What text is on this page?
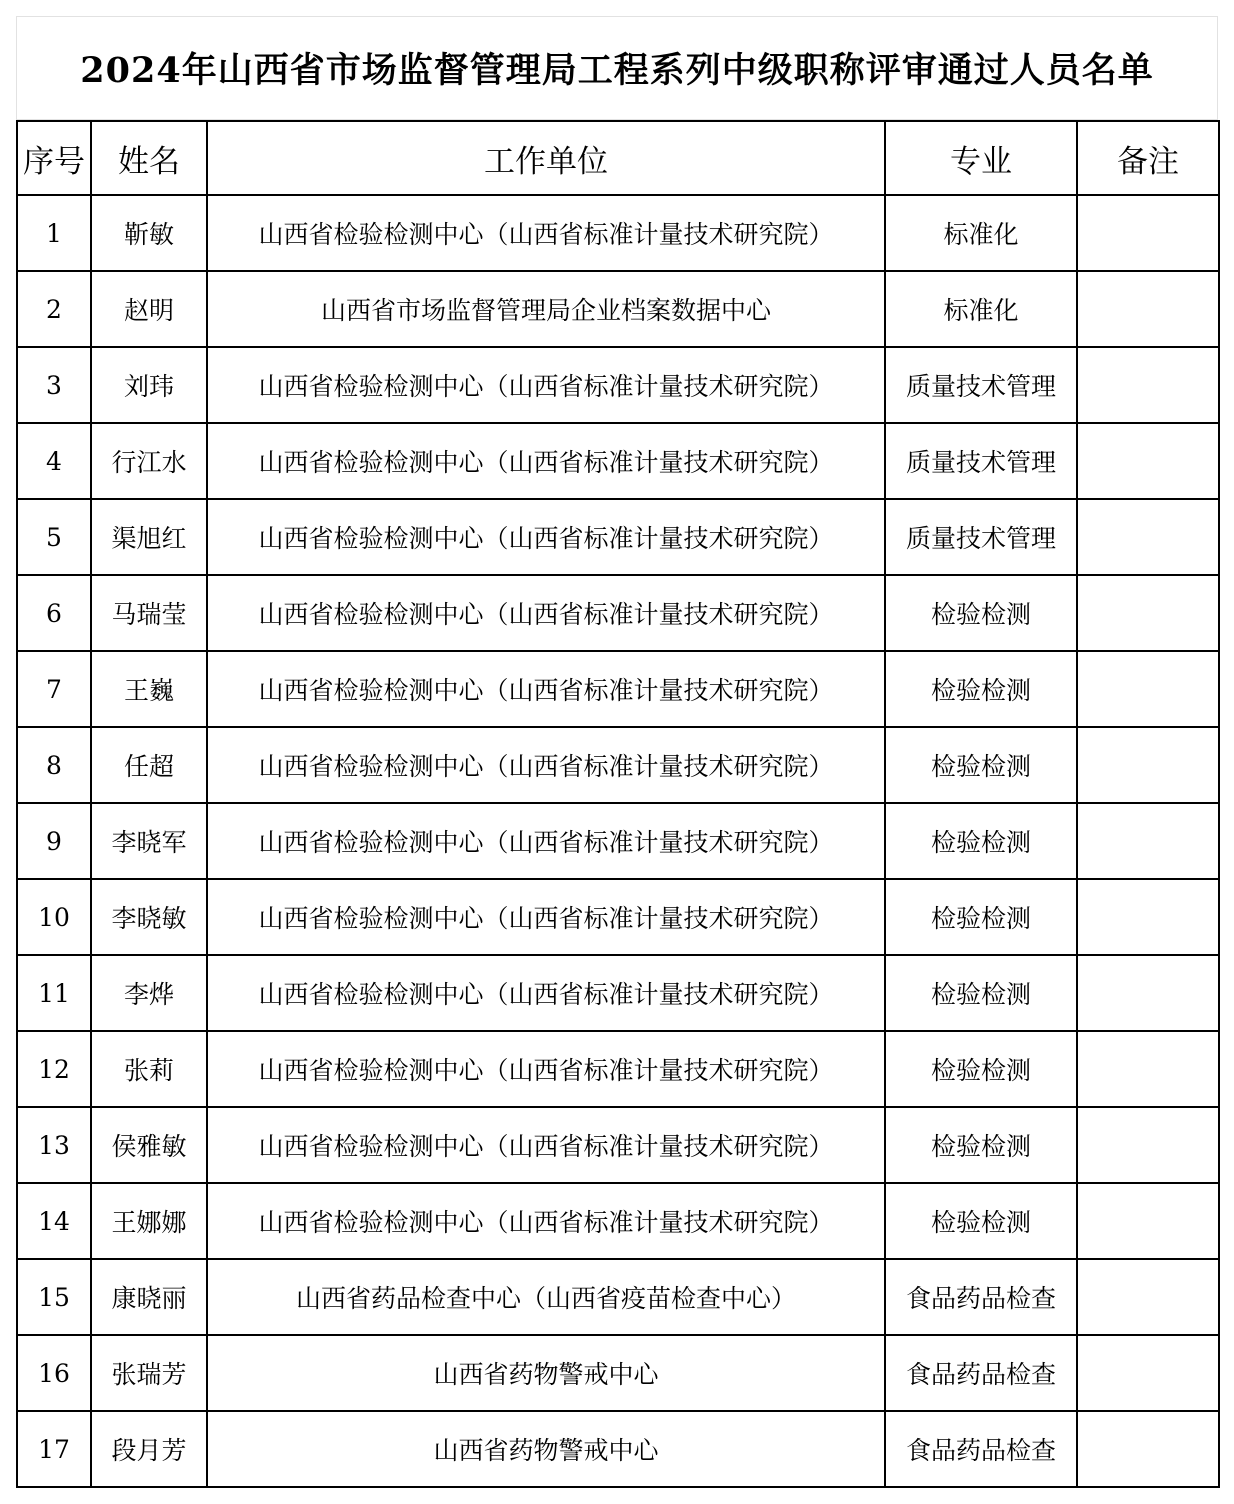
2024年山西省市场监督管理局工程系列中级职称评审通过人员名单
序号	姓名	工作单位	专业	备注
1	靳敏	山西省检验检测中心（山西省标准计量技术研究院）	标准化	
2	赵明	山西省市场监督管理局企业档案数据中心	标准化	
3	刘玮	山西省检验检测中心（山西省标准计量技术研究院）	质量技术管理	
4	行江水	山西省检验检测中心（山西省标准计量技术研究院）	质量技术管理	
5	渠旭红	山西省检验检测中心（山西省标准计量技术研究院）	质量技术管理	
6	马瑞莹	山西省检验检测中心（山西省标准计量技术研究院）	检验检测	
7	王巍	山西省检验检测中心（山西省标准计量技术研究院）	检验检测	
8	任超	山西省检验检测中心（山西省标准计量技术研究院）	检验检测	
9	李晓军	山西省检验检测中心（山西省标准计量技术研究院）	检验检测	
10	李晓敏	山西省检验检测中心（山西省标准计量技术研究院）	检验检测	
11	李烨	山西省检验检测中心（山西省标准计量技术研究院）	检验检测	
12	张莉	山西省检验检测中心（山西省标准计量技术研究院）	检验检测	
13	侯雅敏	山西省检验检测中心（山西省标准计量技术研究院）	检验检测	
14	王娜娜	山西省检验检测中心（山西省标准计量技术研究院）	检验检测	
15	康晓丽	山西省药品检查中心（山西省疫苗检查中心）	食品药品检查	
16	张瑞芳	山西省药物警戒中心	食品药品检查	
17	段月芳	山西省药物警戒中心	食品药品检查	
